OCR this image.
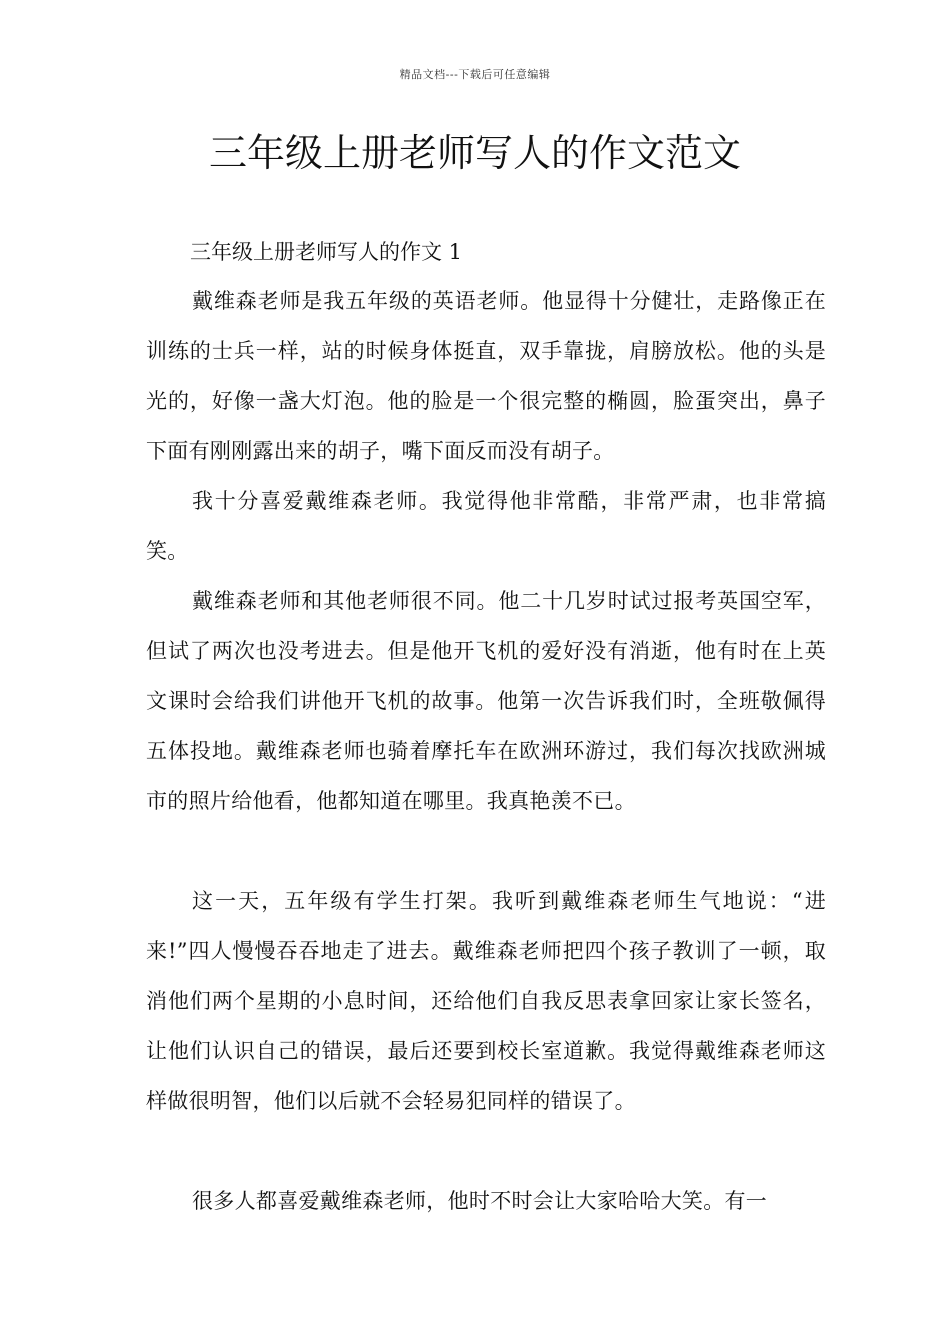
精品文档---下载后可任意编辑
三年级上册老师写人的作文范文
三年级上册老师写人的作文 1

戴维森老师是我五年级的英语老师。他显得十分健壮，走路像正在训练的士兵一样，站的时候身体挺直，双手靠拢，肩膀放松。他的头是光的，好像一盏大灯泡。他的脸是一个很完整的椭圆，脸蛋突出，鼻子下面有刚刚露出来的胡子，嘴下面反而没有胡子。

我十分喜爱戴维森老师。我觉得他非常酷，非常严肃，也非常搞笑。

戴维森老师和其他老师很不同。他二十几岁时试过报考英国空军，但试了两次也没考进去。但是他开飞机的爱好没有消逝，他有时在上英文课时会给我们讲他开飞机的故事。他第一次告诉我们时，全班敬佩得五体投地。戴维森老师也骑着摩托车在欧洲环游过，我们每次找欧洲城市的照片给他看，他都知道在哪里。我真艳羡不已。

这一天，五年级有学生打架。我听到戴维森老师生气地说：“进来!”四人慢慢吞吞地走了进去。戴维森老师把四个孩子教训了一顿，取消他们两个星期的小息时间，还给他们自我反思表拿回家让家长签名，让他们认识自己的错误，最后还要到校长室道歉。我觉得戴维森老师这样做很明智，他们以后就不会轻易犯同样的错误了。

很多人都喜爱戴维森老师，他时不时会让大家哈哈大笑。有一
